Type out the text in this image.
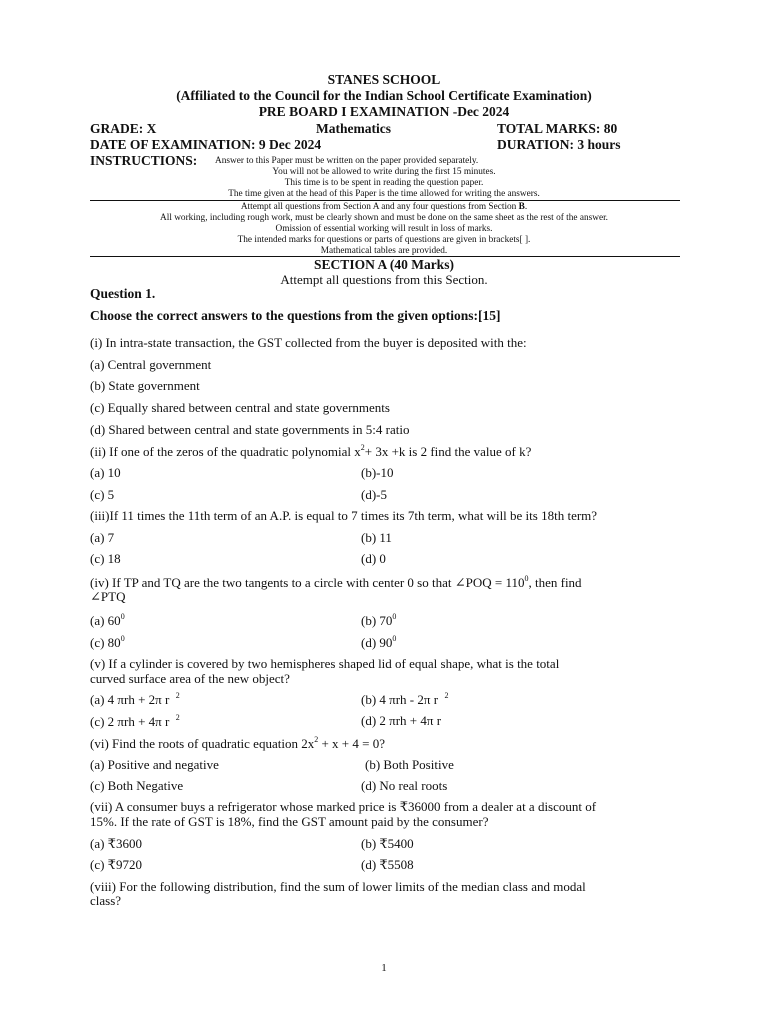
STANES SCHOOL
(Affiliated to the Council for the Indian School Certificate Examination)
PRE BOARD I EXAMINATION -Dec 2024
GRADE: X	Mathematics	TOTAL MARKS: 80
DATE OF EXAMINATION: 9 Dec 2024	DURATION: 3 hours
INSTRUCTIONS: Answer to this Paper must be written on the paper provided separately.
You will not be allowed to write during the first 15 minutes.
This time is to be spent in reading the question paper.
The time given at the head of this Paper is the time allowed for writing the answers.
Attempt all questions from Section A and any four questions from Section B.
All working, including rough work, must be clearly shown and must be done on the same sheet as the rest of the answer.
Omission of essential working will result in loss of marks.
The intended marks for questions or parts of questions are given in brackets[ ].
Mathematical tables are provided.
SECTION A (40 Marks)
Attempt all questions from this Section.
Question 1.
Choose the correct answers to the questions from the given options:[15]
(i) In intra-state transaction, the GST collected from the buyer is deposited with the:
(a) Central government
(b) State government
(c) Equally shared between central and state governments
(d) Shared between central and state governments in 5:4 ratio
(ii) If one of the zeros of the quadratic polynomial $x^2+ 3x +k$ is 2 find the value of k?
(a) 10	(b)-10
(c) 5	(d)-5
(iii)If 11 times the 11th term of an A.P. is equal to 7 times its 7th term, what will be its 18th term?
(a) 7	(b) 11
(c) 18	(d) 0
(iv) If TP and TQ are the two tangents to a circle with center 0 so that ∠POQ = $110^0$, then find
∠PTQ
(a) $60^0$	(b) $70^0$
(c) $80^0$	(d) $90^0$
(v) If a cylinder is covered by two hemispheres shaped lid of equal shape, what is the total
curved surface area of the new object?
(a) 4 πrh + 2π r $^2$	(b) 4 πrh - 2π r $^2$
(c) 2 πrh + 4π r $^2$	(d) 2 πrh + 4π r
(vi) Find the roots of quadratic equation $2x^2 + x + 4 = 0$?
(a) Positive and negative	(b) Both Positive
(c) Both Negative	(d) No real roots
(vii) A consumer buys a refrigerator whose marked price is ₹36000 from a dealer at a discount of
15%. If the rate of GST is 18%, find the GST amount paid by the consumer?
(a) ₹3600	(b) ₹5400
(c) ₹9720	(d) ₹5508
(viii) For the following distribution, find the sum of lower limits of the median class and modal
class?
1
